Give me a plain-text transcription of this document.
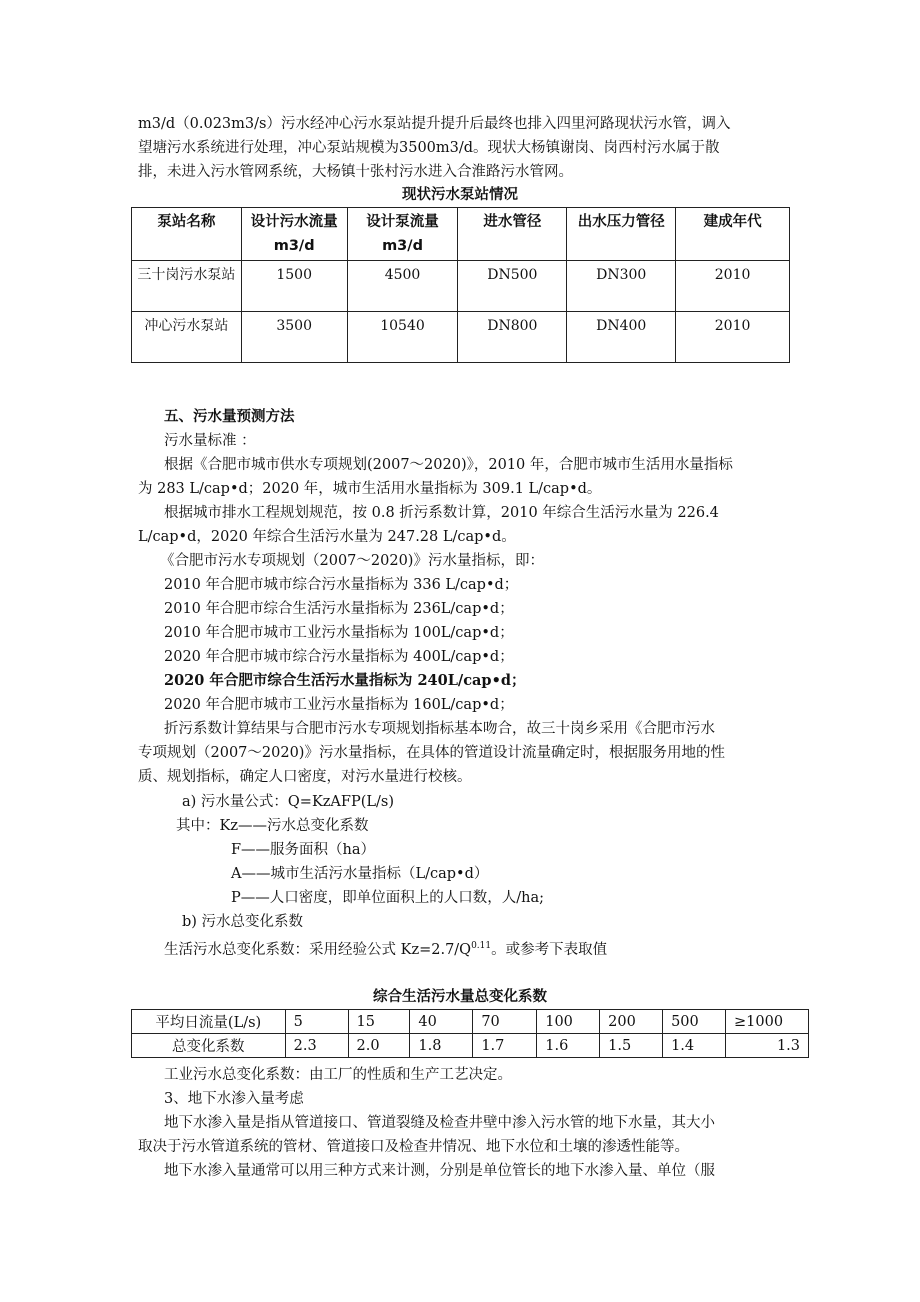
m3/d（0.023m3/s）污水经冲心污水泵站提升提升后最终也排入四里河路现状污水管，调入
望塘污水系统进行处理，冲心泵站规模为3500m3/d。现状大杨镇谢岗、岗西村污水属于散
排，未进入污水管网系统，大杨镇十张村污水进入合淮路污水管网。
现状污水泵站情况
泵站名称	设计污水流量m3/d	设计泵流量m3/d	进水管径	出水压力管径	建成年代
三十岗污水泵站	1500	4500	DN500	DN300	2010
冲心污水泵站	3500	10540	DN800	DN400	2010
五、污水量预测方法
污水量标准 ：
根据《合肥市城市供水专项规划(2007～2020)》，2010 年，合肥市城市生活用水量指标
为 283 L/cap•d；2020 年，城市生活用水量指标为 309.1 L/cap•d。
根据城市排水工程规划规范，按 0.8 折污系数计算，2010 年综合生活污水量为 226.4
L/cap•d，2020 年综合生活污水量为 247.28 L/cap•d。
《合肥市污水专项规划（2007～2020)》污水量指标，即：
2010 年合肥市城市综合污水量指标为 336 L/cap•d；
2010 年合肥市综合生活污水量指标为 236L/cap•d；
2010 年合肥市城市工业污水量指标为 100L/cap•d；
2020 年合肥市城市综合污水量指标为 400L/cap•d；
2020 年合肥市综合生活污水量指标为 240L/cap•d；
2020 年合肥市城市工业污水量指标为 160L/cap•d；
折污系数计算结果与合肥市污水专项规划指标基本吻合，故三十岗乡采用《合肥市污水
专项规划（2007～2020)》污水量指标，在具体的管道设计流量确定时，根据服务用地的性
质、规划指标，确定人口密度，对污水量进行校核。
a) 污水量公式：Q=KzAFP(L/s)
其中：Kz——污水总变化系数
F——服务面积（ha）
A——城市生活污水量指标（L/cap•d）
P——人口密度，即单位面积上的人口数，人/ha;
b) 污水总变化系数
生活污水总变化系数：采用经验公式 $Kz=2.7/Q^{0.11}$。或参考下表取值
综合生活污水量总变化系数
平均日流量(L/s)	5	15	40	70	100	200	500	≥1000
总变化系数	2.3	2.0	1.8	1.7	1.6	1.5	1.4	1.3
工业污水总变化系数：由工厂的性质和生产工艺决定。
3、地下水渗入量考虑
地下水渗入量是指从管道接口、管道裂缝及检查井壁中渗入污水管的地下水量，其大小
取决于污水管道系统的管材、管道接口及检查井情况、地下水位和土壤的渗透性能等。
地下水渗入量通常可以用三种方式来计测，分别是单位管长的地下水渗入量、单位（服
